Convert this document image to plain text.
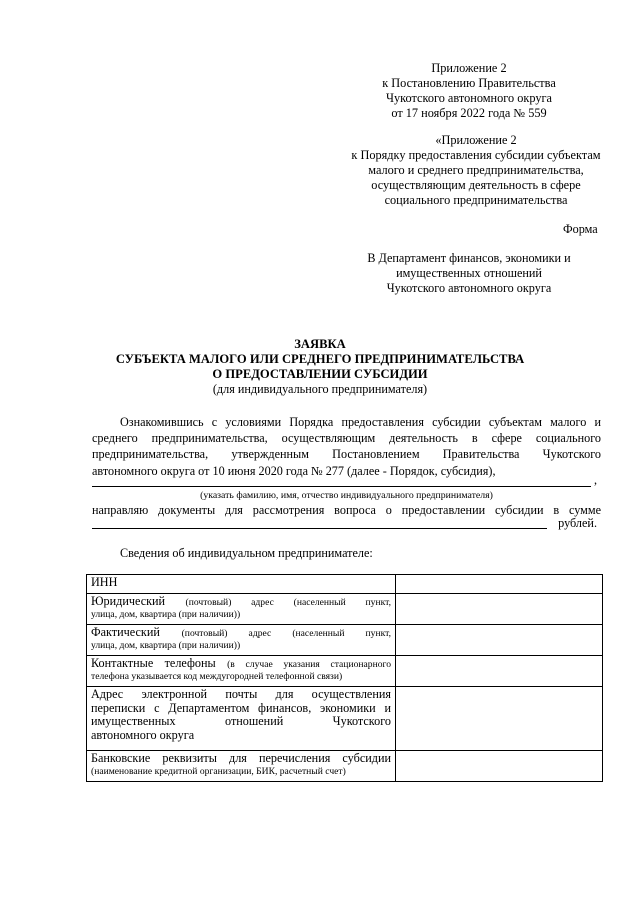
Приложение 2
к Постановлению Правительства
Чукотского автономного округа
от 17 ноября 2022 года № 559
«Приложение 2
к Порядку предоставления субсидии субъектам
малого и среднего предпринимательства,
осуществляющим деятельность в сфере
социального предпринимательства
Форма
В Департамент финансов, экономики и
имущественных отношений
Чукотского автономного округа
ЗАЯВКА
СУБЪЕКТА МАЛОГО ИЛИ СРЕДНЕГО ПРЕДПРИНИМАТЕЛЬСТВА
О ПРЕДОСТАВЛЕНИИ СУБСИДИИ
(для индивидуального предпринимателя)
Ознакомившись с условиями Порядка предоставления субсидии субъектам малого и
среднего предпринимательства, осуществляющим деятельность в сфере социального
предпринимательства, утвержденным Постановлением Правительства Чукотского
автономного округа от 10 июня 2020 года № 277 (далее - Порядок, субсидия),
,
(указать фамилию, имя, отчество индивидуального предпринимателя)
направляю документы для рассмотрения вопроса о предоставлении субсидии в сумме
рублей.
Сведения об индивидуальном предпринимателе:
ИНН	

Юридический (почтовый) адрес (населенный пункт,
улица, дом, квартира (при наличии))	

Фактический (почтовый) адрес (населенный пункт,
улица, дом, квартира (при наличии))	

Контактные телефоны (в случае указания стационарного
телефона указывается код междугородней телефонной связи)	

Адрес электронной почты для осуществления
переписки с Департаментом финансов, экономики и
имущественных отношений Чукотского
автономного округа	

Банковские реквизиты для перечисления субсидии
(наименование кредитной организации, БИК, расчетный счет)	
